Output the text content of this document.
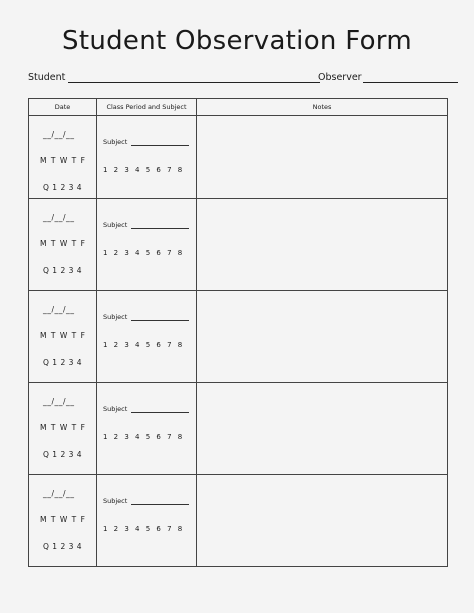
Student Observation Form
Student	Observer
Date	Class Period and Subject	Notes

__/__/__
M T W T F
Q 1 2 3 4	Subject
1 2 3 4 5 6 7 8	

__/__/__
M T W T F
Q 1 2 3 4	Subject
1 2 3 4 5 6 7 8	

__/__/__
M T W T F
Q 1 2 3 4	Subject
1 2 3 4 5 6 7 8	

__/__/__
M T W T F
Q 1 2 3 4	Subject
1 2 3 4 5 6 7 8	

__/__/__
M T W T F
Q 1 2 3 4	Subject
1 2 3 4 5 6 7 8	
